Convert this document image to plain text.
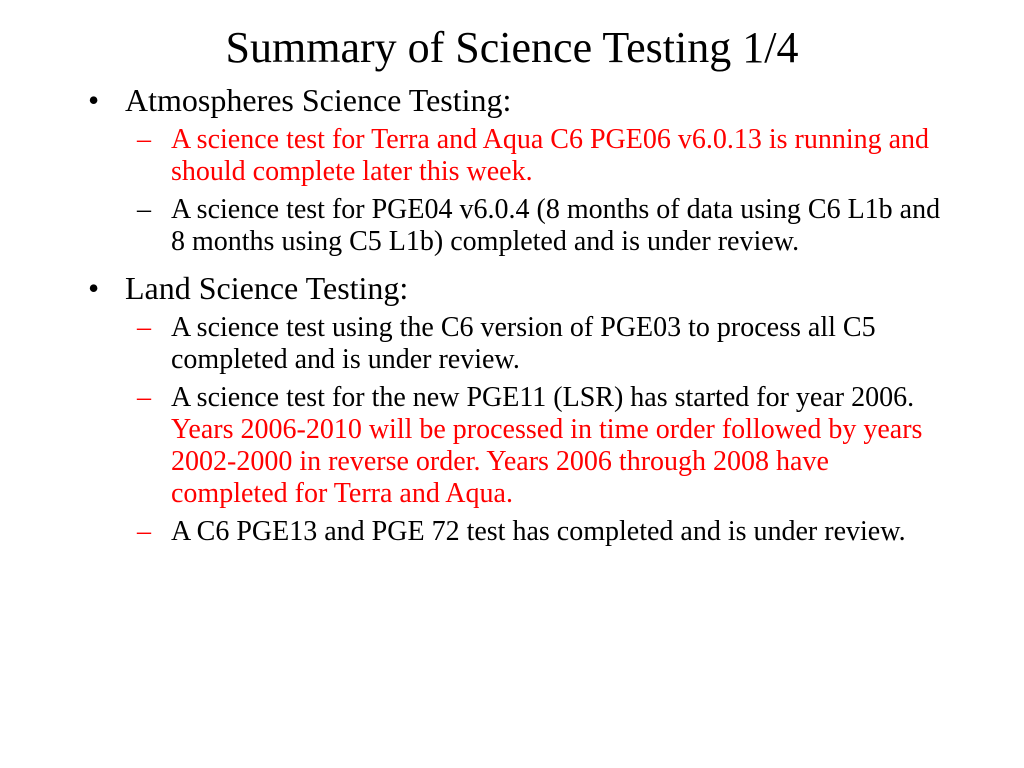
Summary of Science Testing 1/4
• Atmospheres Science Testing:
– A science test for Terra and Aqua C6 PGE06 v6.0.13 is running and should complete later this week.
– A science test for PGE04 v6.0.4 (8 months of data using C6 L1b and 8 months using C5 L1b) completed and is under review.
• Land Science Testing:
– A science test using the C6 version of PGE03 to process all C5 completed and is under review.
– A science test for the new PGE11 (LSR) has started for year 2006.  Years 2006-2010 will be processed in time order followed by years 2002-2000 in reverse order. Years 2006 through 2008 have completed for Terra and Aqua.
– A C6 PGE13 and PGE 72 test has completed and is under review.
